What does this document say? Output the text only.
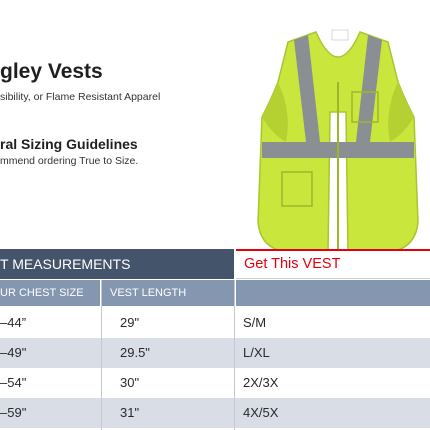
gley Vests

sibility, or Flame Resistant Apparel

ral Sizing Guidelines

mmend ordering True to Size.

T MEASUREMENTS	Get This VEST
UR CHEST SIZE	VEST LENGTH
–44”	29"	S/M
–49"	29.5"	L/XL
–54"	30"	2X/3X
–59"	31"	4X/5X
